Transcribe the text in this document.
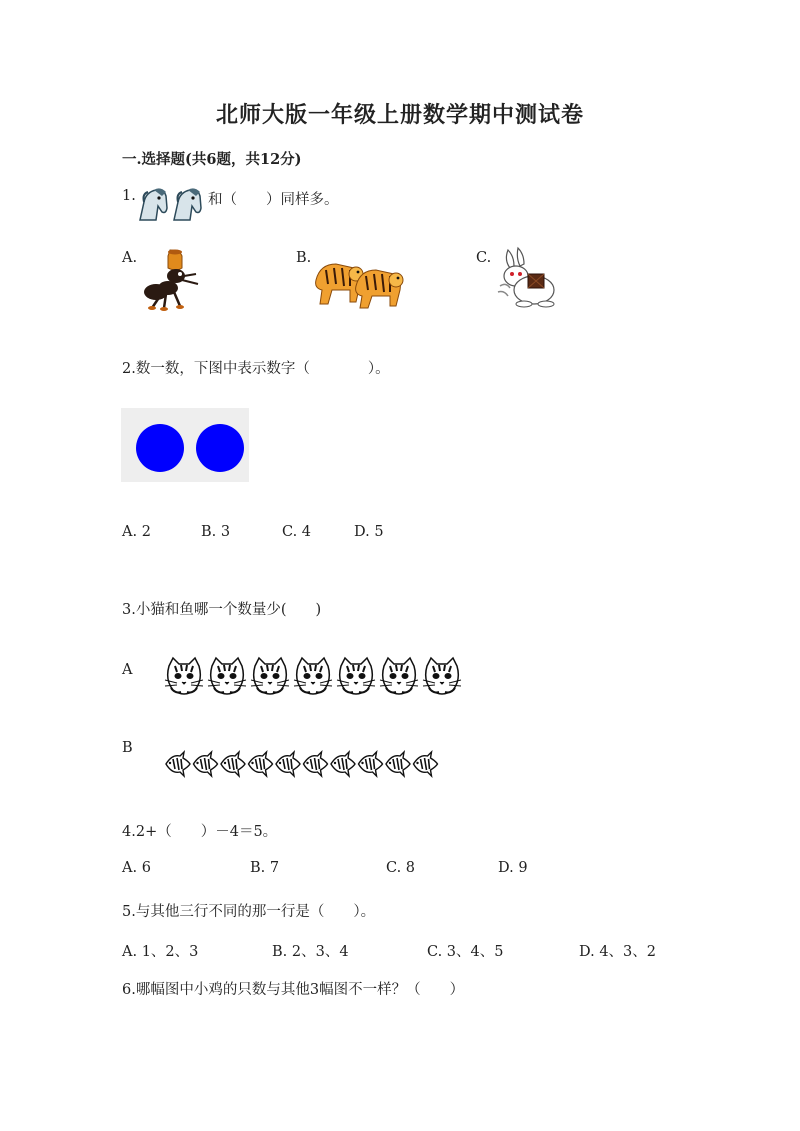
北师大版一年级上册数学期中测试卷
一.选择题(共6题，共12分)
1.	和（　　）同样多。
A.	B.	C.
2.数一数，下图中表示数字（　　　　）。
A. 2	B. 3	C. 4	D. 5
3.小猫和鱼哪一个数量少(　　)
A
B
4.2+（　　）－4＝5。
A. 6	B. 7	C. 8	D. 9
5.与其他三行不同的那一行是（　　）。
A. 1、2、3	B. 2、3、4	C. 3、4、5	D. 4、3、2
6.哪幅图中小鸡的只数与其他3幅图不一样？（　　）
